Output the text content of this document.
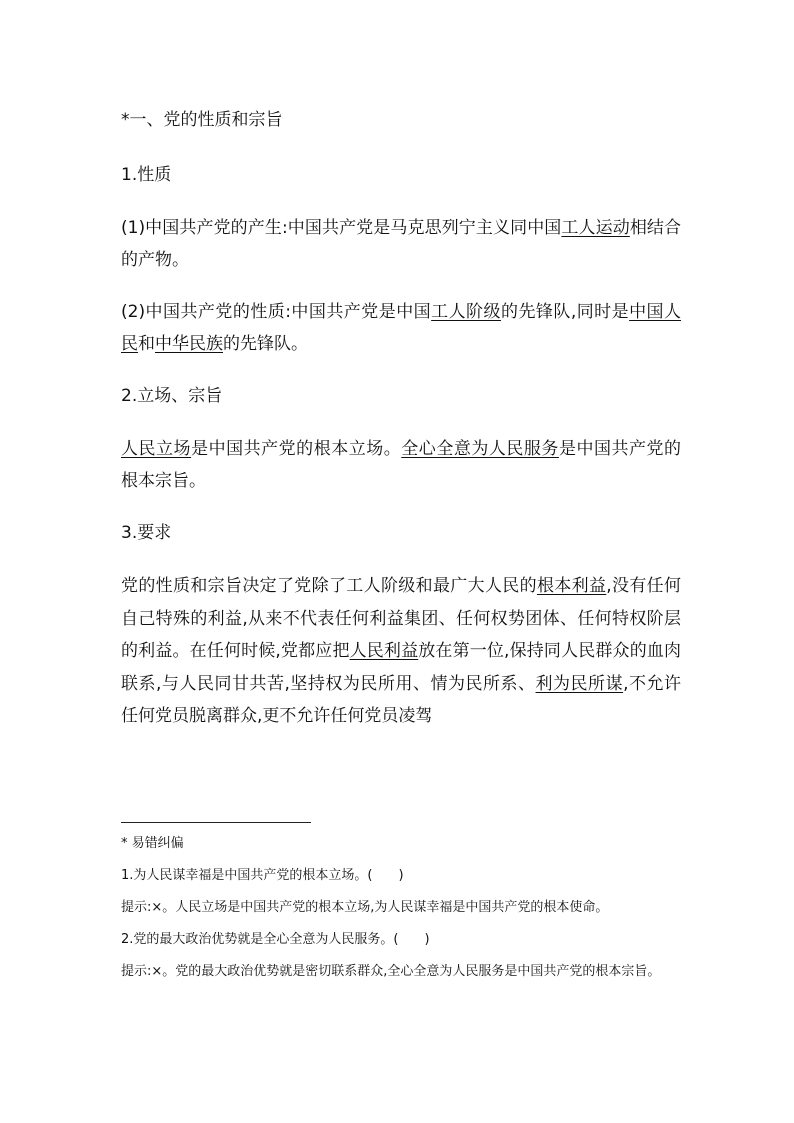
*一、党的性质和宗旨

1.性质

(1)中国共产党的产生:中国共产党是马克思列宁主义同中国工人运动相结合的产物。

(2)中国共产党的性质:中国共产党是中国工人阶级的先锋队,同时是中国人民和中华民族的先锋队。

2.立场、宗旨

人民立场是中国共产党的根本立场。全心全意为人民服务是中国共产党的根本宗旨。

3.要求

党的性质和宗旨决定了党除了工人阶级和最广大人民的根本利益,没有任何自己特殊的利益,从来不代表任何利益集团、任何权势团体、任何特权阶层的利益。在任何时候,党都应把人民利益放在第一位,保持同人民群众的血肉联系,与人民同甘共苦,坚持权为民所用、情为民所系、利为民所谋,不允许任何党员脱离群众,更不允许任何党员凌驾

* 易错纠偏

1.为人民谋幸福是中国共产党的根本立场。(　　)

提示:×。人民立场是中国共产党的根本立场,为人民谋幸福是中国共产党的根本使命。

2.党的最大政治优势就是全心全意为人民服务。(　　)

提示:×。党的最大政治优势就是密切联系群众,全心全意为人民服务是中国共产党的根本宗旨。
